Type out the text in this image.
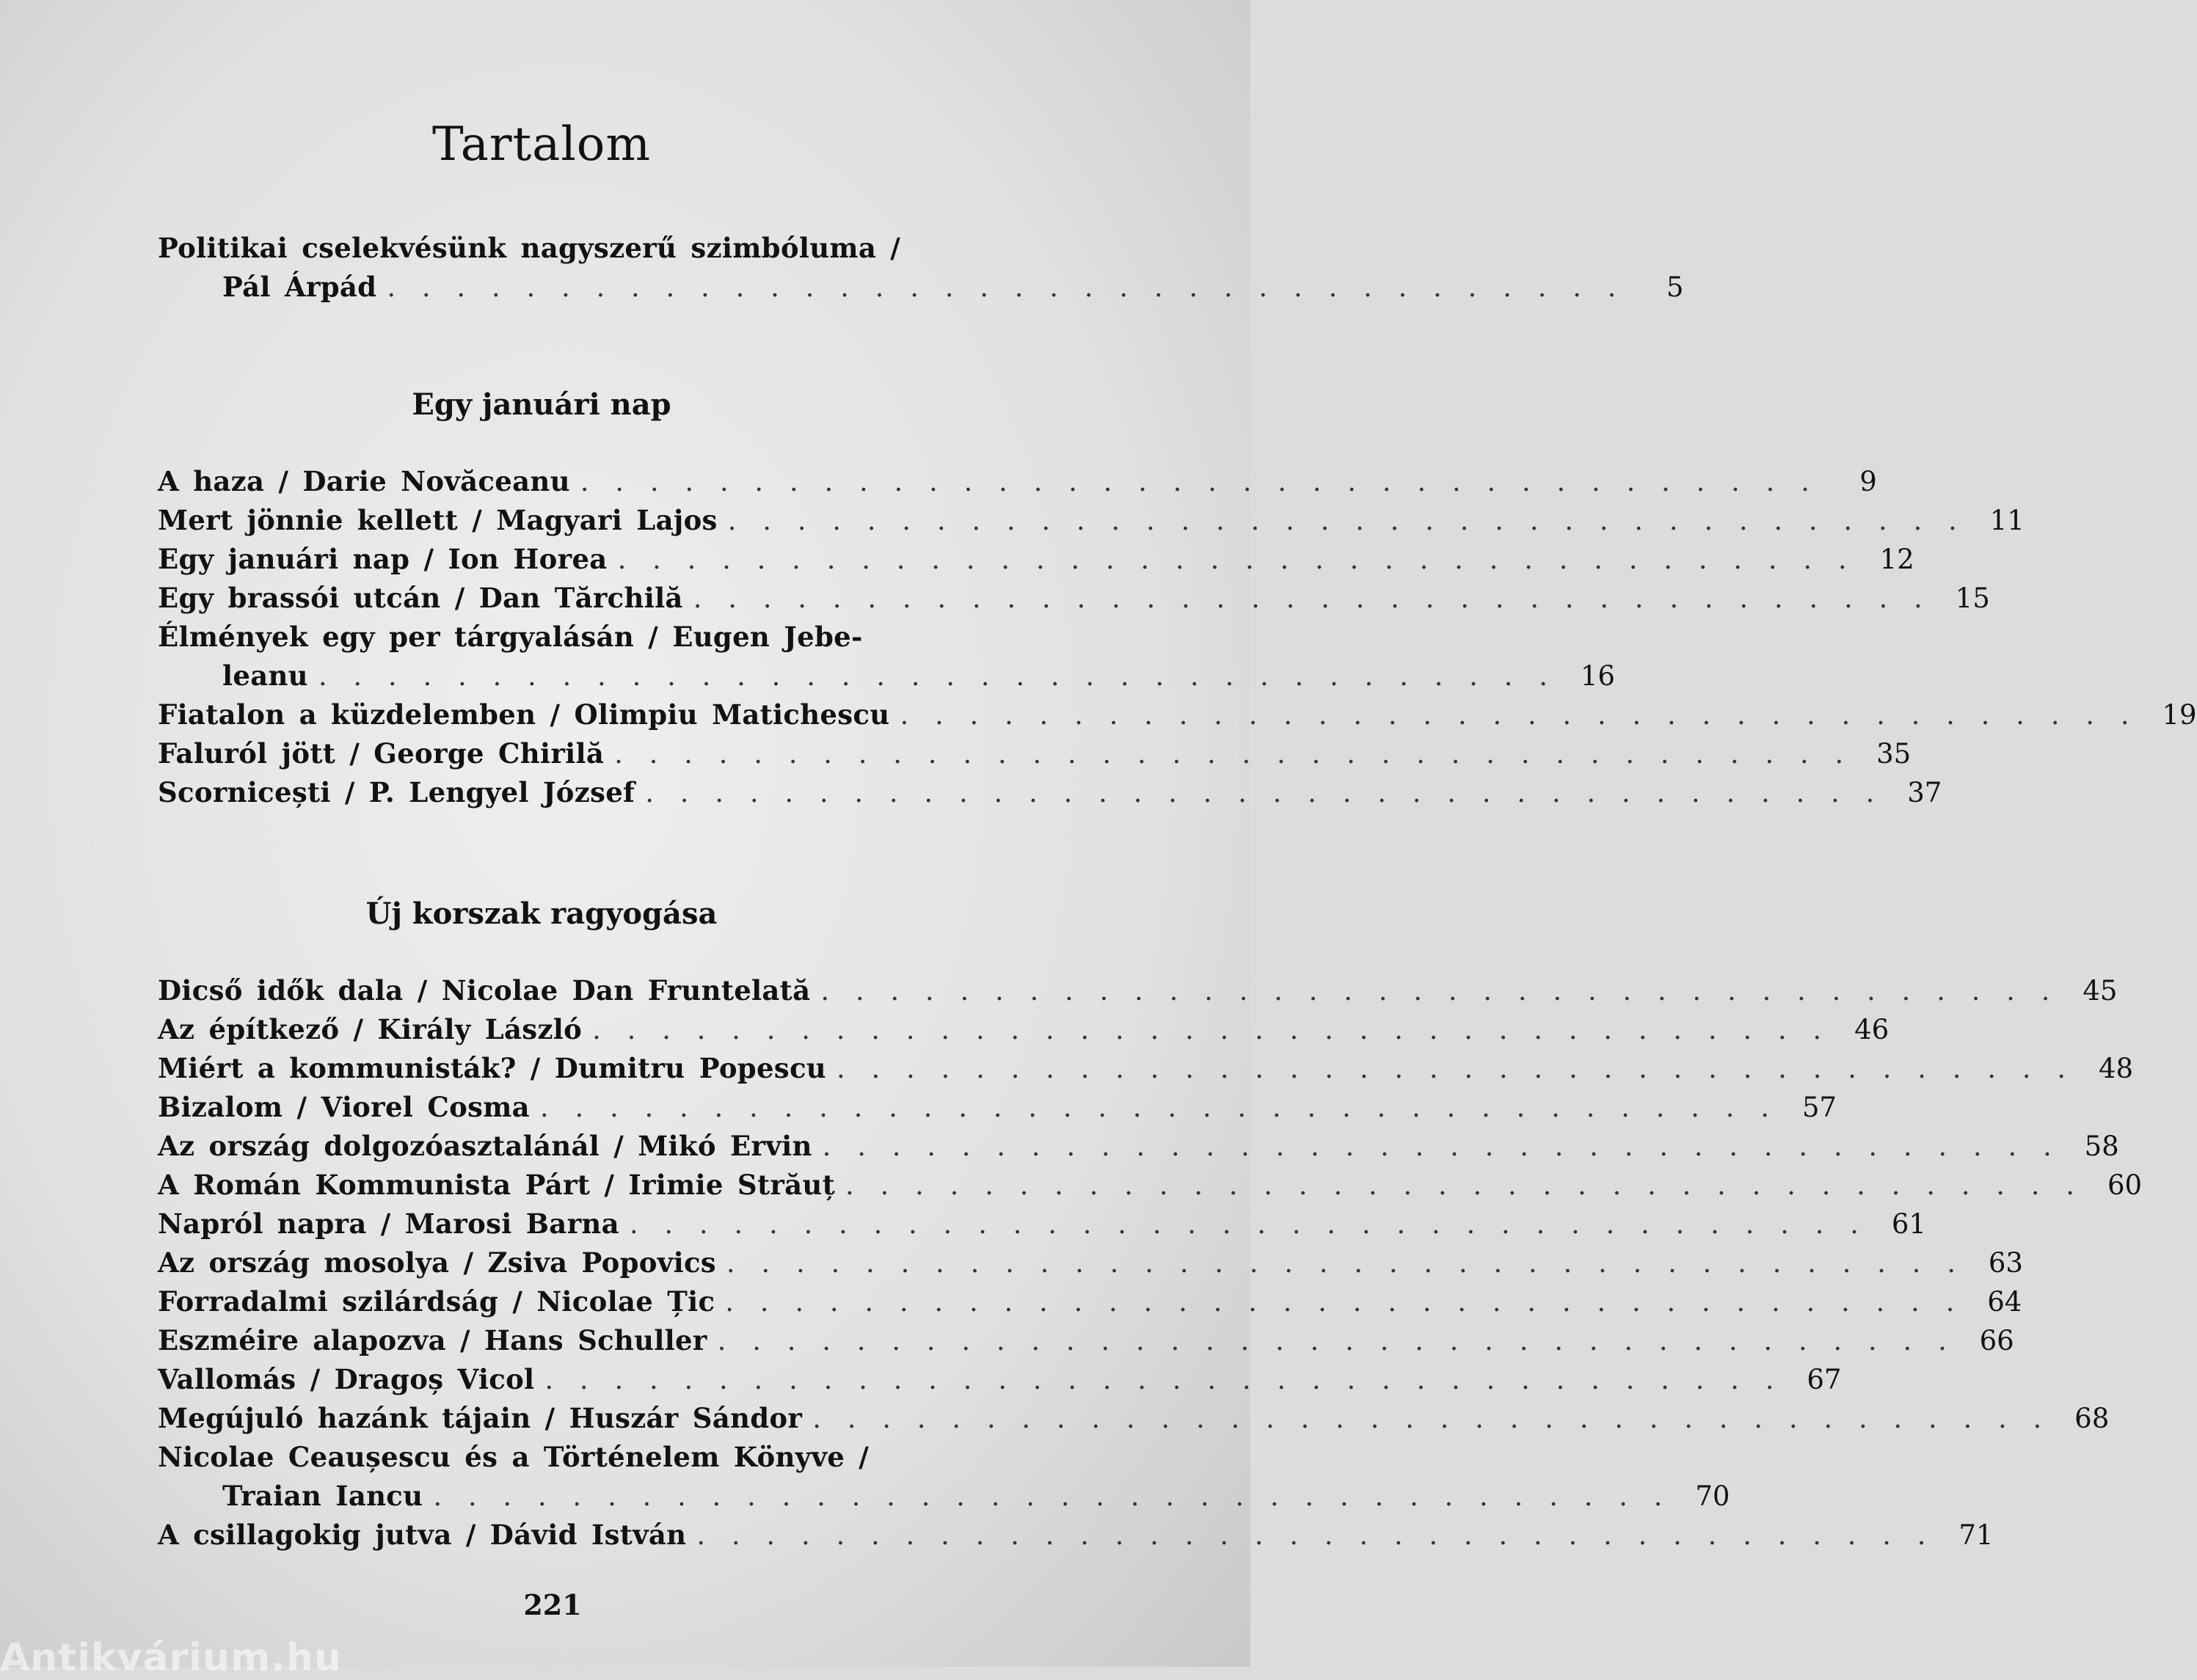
Tartalom
Politikai cselekvésünk nagyszerű szimbóluma /
Pál Árpád . . . . . . . . . . . . . . . . . . . . . . . . . . . . . . . . . . . .	5
Egy januári nap
A haza / Darie Novăceanu . . . . . . . . . . . . . . . . . . . . . . . . . . . . . . . . . . . .	9
Mert jönnie kellett / Magyari Lajos . . . . . . . . . . . . . . . . . . . . . . . . . . . . . . . . . . . . 11
Egy januári nap / Ion Horea . . . . . . . . . . . . . . . . . . . . . . . . . . . . . . . . . . . . 12
Egy brassói utcán / Dan Tărchilă . . . . . . . . . . . . . . . . . . . . . . . . . . . . . . . . . . . . 15
Élmények egy per tárgyalásán / Eugen Jebe-
leanu . . . . . . . . . . . . . . . . . . . . . . . . . . . . . . . . . . . . 16
Fiatalon a küzdelemben / Olimpiu Matichescu . . . . . . . . . . . . . . . . . . . . . . . . . . . . . . . . . . . . 19
Faluról jött / George Chirilă . . . . . . . . . . . . . . . . . . . . . . . . . . . . . . . . . . . . 35
Scornicești / P. Lengyel József . . . . . . . . . . . . . . . . . . . . . . . . . . . . . . . . . . . . 37
Új korszak ragyogása
Dicső idők dala / Nicolae Dan Fruntelată . . . . . . . . . . . . . . . . . . . . . . . . . . . . . . . . . . . . 45
Az építkező / Király László . . . . . . . . . . . . . . . . . . . . . . . . . . . . . . . . . . . . 46
Miért a kommunisták? / Dumitru Popescu . . . . . . . . . . . . . . . . . . . . . . . . . . . . . . . . . . . . 48
Bizalom / Viorel Cosma . . . . . . . . . . . . . . . . . . . . . . . . . . . . . . . . . . . . 57
Az ország dolgozóasztalánál / Mikó Ervin . . . . . . . . . . . . . . . . . . . . . . . . . . . . . . . . . . . . 58
A Román Kommunista Párt / Irimie Străuț . . . . . . . . . . . . . . . . . . . . . . . . . . . . . . . . . . . . 60
Napról napra / Marosi Barna . . . . . . . . . . . . . . . . . . . . . . . . . . . . . . . . . . . . 61
Az ország mosolya / Zsiva Popovics . . . . . . . . . . . . . . . . . . . . . . . . . . . . . . . . . . . . 63
Forradalmi szilárdság / Nicolae Țic . . . . . . . . . . . . . . . . . . . . . . . . . . . . . . . . . . . . 64
Eszméire alapozva / Hans Schuller . . . . . . . . . . . . . . . . . . . . . . . . . . . . . . . . . . . . 66
Vallomás / Dragoș Vicol . . . . . . . . . . . . . . . . . . . . . . . . . . . . . . . . . . . . 67
Megújuló hazánk tájain / Huszár Sándor . . . . . . . . . . . . . . . . . . . . . . . . . . . . . . . . . . . . 68
Nicolae Ceaușescu és a Történelem Könyve /
Traian Iancu . . . . . . . . . . . . . . . . . . . . . . . . . . . . . . . . . . . . 70
A csillagokig jutva / Dávid István . . . . . . . . . . . . . . . . . . . . . . . . . . . . . . . . . . . . 71
221
Antikvárium.hu
